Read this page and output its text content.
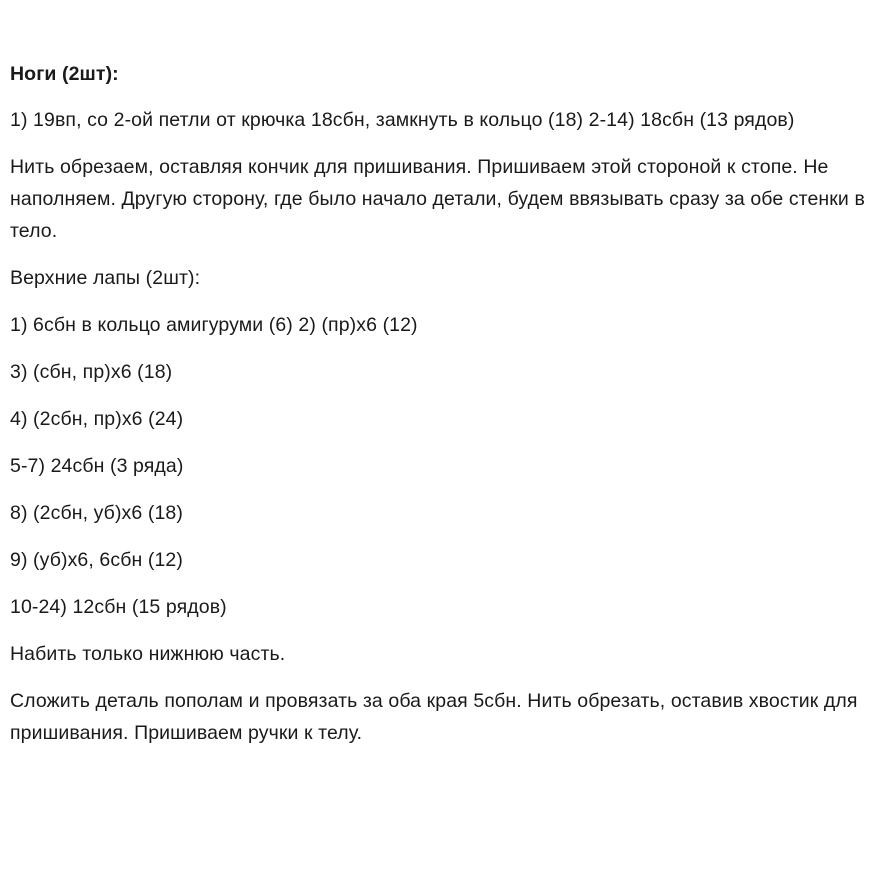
Ноги (2шт):

1) 19вп, со 2-ой петли от крючка 18сбн, замкнуть в кольцо (18) 2-14) 18сбн (13 рядов)

Нить обрезаем, оставляя кончик для пришивания. Пришиваем этой стороной к стопе. Не наполняем. Другую сторону, где было начало детали, будем ввязывать сразу за обе стенки в тело.

Верхние лапы (2шт):

1) 6сбн в кольцо амигуруми (6) 2) (пр)х6 (12)

3) (сбн, пр)х6 (18)

4) (2сбн, пр)х6 (24)

5-7) 24сбн (3 ряда)

8) (2сбн, уб)х6 (18)

9) (уб)х6, 6сбн (12)

10-24) 12сбн (15 рядов)

Набить только нижнюю часть.

Сложить деталь пополам и провязать за оба края 5сбн. Нить обрезать, оставив хвостик для пришивания. Пришиваем ручки к телу.
